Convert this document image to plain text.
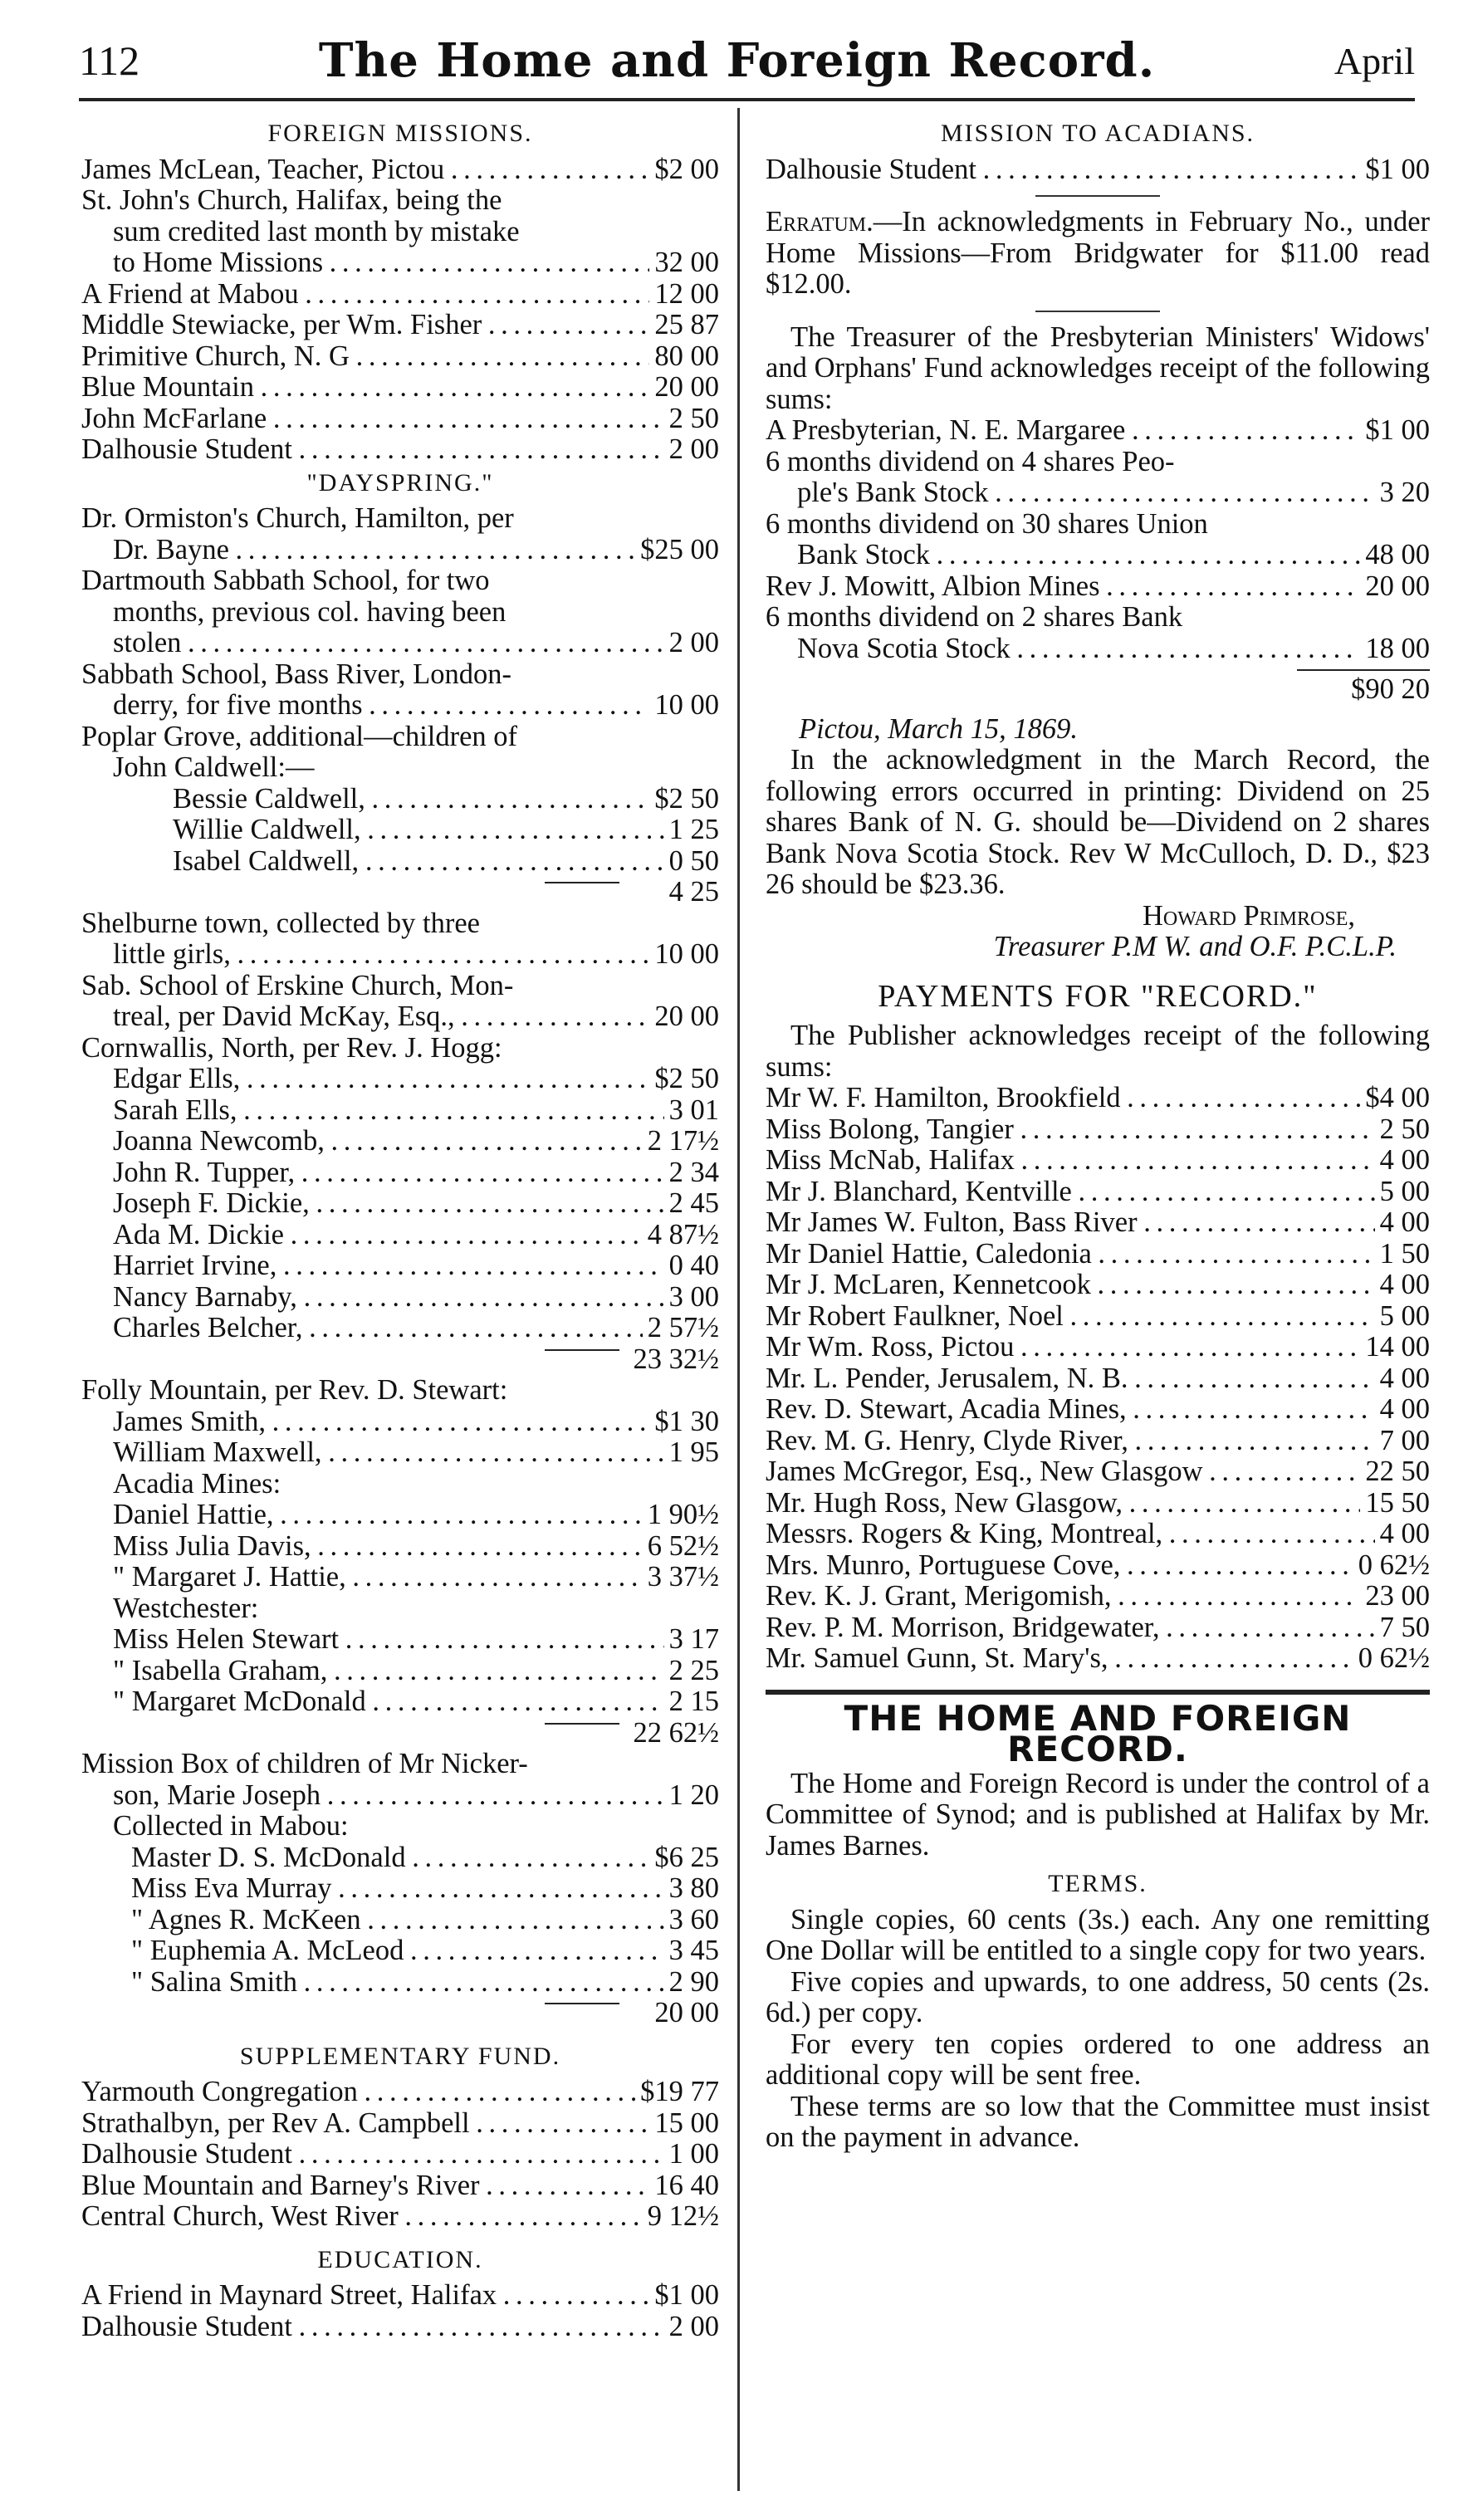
112	The Home and Foreign Record.	April
FOREIGN MISSIONS.
James McLean, Teacher, Pictou . . .	$2 00
St. John's Church, Halifax, being the
sum credited last month by mistake
to Home Missions . . .	32 00
A Friend at Mabou . . .	12 00
Middle Stewiacke, per Wm. Fisher . . .	25 87
Primitive Church, N. G . . .	80 00
Blue Mountain . . .	20 00
John McFarlane . . .	2 50
Dalhousie Student . . .	2 00
"DAYSPRING."
Dr. Ormiston's Church, Hamilton, per
Dr. Bayne . . .	$25 00
Dartmouth Sabbath School, for two
months, previous col. having been
stolen . . .	2 00
Sabbath School, Bass River, London-
derry, for five months . . .	10 00
Poplar Grove, additional—children of
John Caldwell:—
Bessie Caldwell, . . .	$2 50
Willie Caldwell, . . .	1 25
Isabel Caldwell, . . .	0 50
4 25
Shelburne town, collected by three
little girls, . . .	10 00
Sab. School of Erskine Church, Mon-
treal, per David McKay, Esq., . . .	20 00
Cornwallis, North, per Rev. J. Hogg:
Edgar Ells, . . .	$2 50
Sarah Ells, . . .	3 01
Joanna Newcomb, . . .	2 17½
John R. Tupper, . . .	2 34
Joseph F. Dickie, . . .	2 45
Ada M. Dickie . . .	4 87½
Harriet Irvine, . . .	0 40
Nancy Barnaby, . . .	3 00
Charles Belcher, . . .	2 57½
23 32½
Folly Mountain, per Rev. D. Stewart:
James Smith, . . .	$1 30
William Maxwell, . . .	1 95
Acadia Mines:
Daniel Hattie, . . .	1 90½
Miss Julia Davis, . . .	6 52½
" Margaret J. Hattie, . . .	3 37½
Westchester:
Miss Helen Stewart . . .	3 17
" Isabella Graham, . . .	2 25
" Margaret McDonald . . .	2 15
22 62½
Mission Box of children of Mr Nicker-
son, Marie Joseph . . .	1 20
Collected in Mabou:
Master D. S. McDonald . . .	$6 25
Miss Eva Murray . . .	3 80
" Agnes R. McKeen . . .	3 60
" Euphemia A. McLeod . . .	3 45
" Salina Smith . . .	2 90
20 00
SUPPLEMENTARY FUND.
Yarmouth Congregation . . .	$19 77
Strathalbyn, per Rev A. Campbell . . .	15 00
Dalhousie Student . . .	1 00
Blue Mountain and Barney's River . . .	16 40
Central Church, West River . . .	9 12½
EDUCATION.
A Friend in Maynard Street, Halifax . . .	$1 00
Dalhousie Student . . .	2 00
MISSION TO ACADIANS.
Dalhousie Student . . .	$1 00
Erratum.—In acknowledgments in February No., under Home Missions—From Bridgwater for $11.00 read $12.00.
The Treasurer of the Presbyterian Ministers' Widows' and Orphans' Fund acknowledges receipt of the following sums:
A Presbyterian, N. E. Margaree . . .	$1 00
6 months dividend on 4 shares Peo-
ple's Bank Stock . . .	3 20
6 months dividend on 30 shares Union
Bank Stock . . .	48 00
Rev J. Mowitt, Albion Mines . . .	20 00
6 months dividend on 2 shares Bank
Nova Scotia Stock . . .	18 00
$90 20
Pictou, March 15, 1869.
In the acknowledgment in the March Record, the following errors occurred in printing: Dividend on 25 shares Bank of N. G. should be—Dividend on 2 shares Bank Nova Scotia Stock. Rev W McCulloch, D. D., $23 26 should be $23.36.
Howard Primrose,
Treasurer P.M W. and O.F. P.C.L.P.
PAYMENTS FOR "RECORD."
The Publisher acknowledges receipt of the following sums:
Mr W. F. Hamilton, Brookfield . . .	$4 00
Miss Bolong, Tangier . . .	2 50
Miss McNab, Halifax . . .	4 00
Mr J. Blanchard, Kentville . . .	5 00
Mr James W. Fulton, Bass River . . .	4 00
Mr Daniel Hattie, Caledonia . . .	1 50
Mr J. McLaren, Kennetcook . . .	4 00
Mr Robert Faulkner, Noel . . .	5 00
Mr Wm. Ross, Pictou . . .	14 00
Mr. L. Pender, Jerusalem, N. B. . . .	4 00
Rev. D. Stewart, Acadia Mines, . . .	4 00
Rev. M. G. Henry, Clyde River, . . .	7 00
James McGregor, Esq., New Glasgow . . .	22 50
Mr. Hugh Ross, New Glasgow, . . .	15 50
Messrs. Rogers & King, Montreal, . . .	4 00
Mrs. Munro, Portuguese Cove, . . .	0 62½
Rev. K. J. Grant, Merigomish, . . .	23 00
Rev. P. M. Morrison, Bridgewater, . . .	7 50
Mr. Samuel Gunn, St. Mary's, . . .	0 62½
THE HOME AND FOREIGN RECORD.
The Home and Foreign Record is under the control of a Committee of Synod; and is published at Halifax by Mr. James Barnes.
TERMS.
Single copies, 60 cents (3s.) each. Any one remitting One Dollar will be entitled to a single copy for two years.
Five copies and upwards, to one address, 50 cents (2s. 6d.) per copy.
For every ten copies ordered to one address an additional copy will be sent free.
These terms are so low that the Committee must insist on the payment in advance.
